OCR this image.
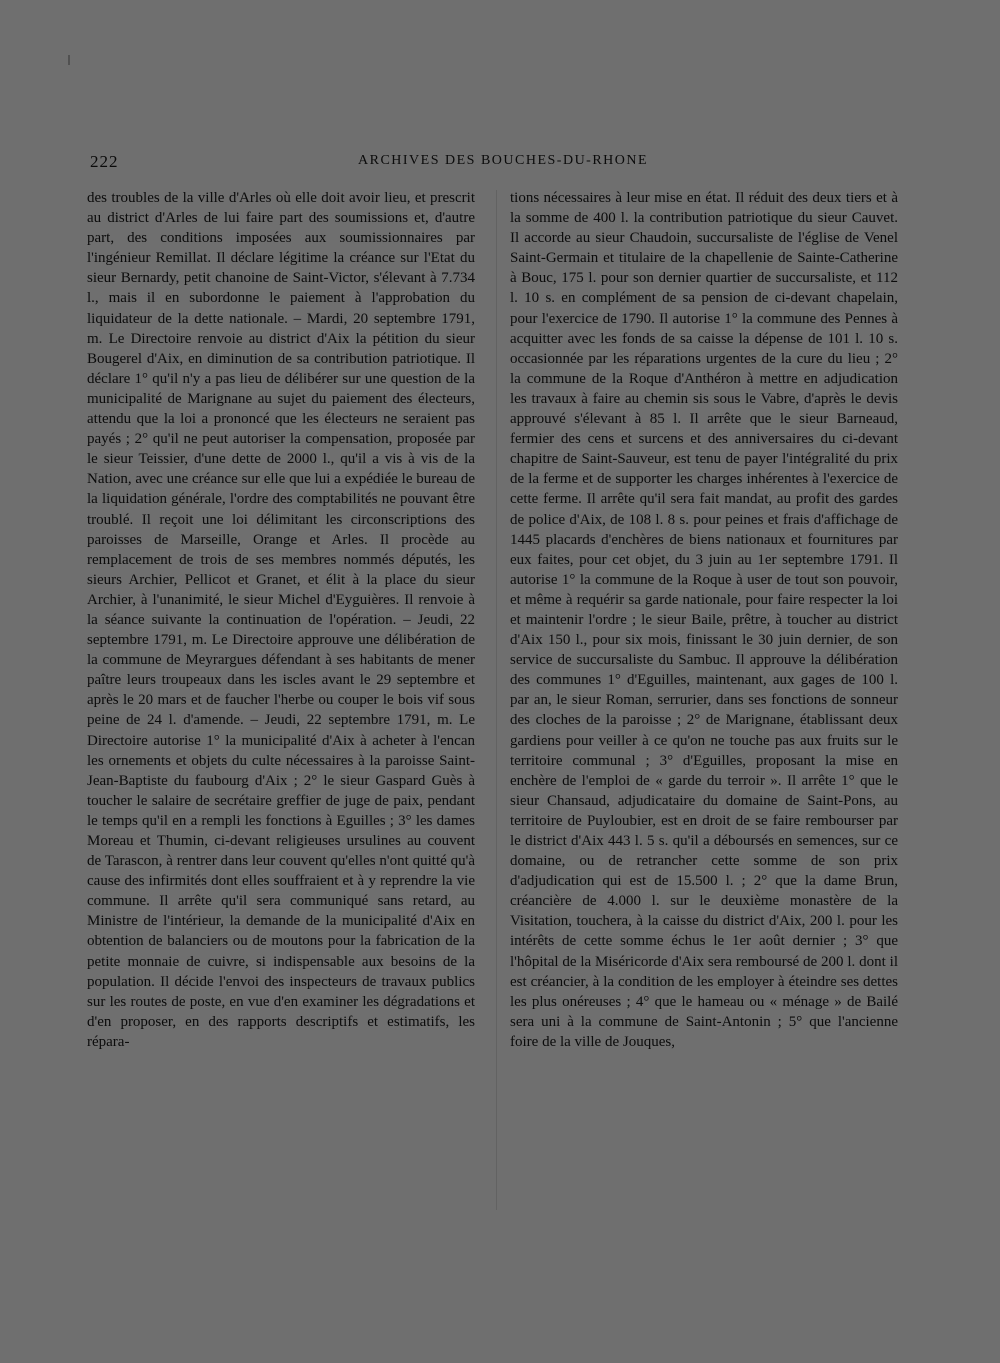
222	ARCHIVES DES BOUCHES-DU-RHONE

des troubles de la ville d'Arles où elle doit avoir lieu, et prescrit au district d'Arles de lui faire part des soumissions et, d'autre part, des conditions imposées aux soumissionnaires par l'ingénieur Remillat. Il déclare légitime la créance sur l'Etat du sieur Bernardy, petit chanoine de Saint-Victor, s'élevant à 7.734 l., mais il en subordonne le paiement à l'approbation du liquidateur de la dette nationale. – Mardi, 20 septembre 1791, m. Le Directoire renvoie au district d'Aix la pétition du sieur Bougerel d'Aix, en diminution de sa contribution patriotique. Il déclare 1° qu'il n'y a pas lieu de délibérer sur une question de la municipalité de Marignane au sujet du paiement des électeurs, attendu que la loi a prononcé que les électeurs ne seraient pas payés ; 2° qu'il ne peut autoriser la compensation, proposée par le sieur Teissier, d'une dette de 2000 l., qu'il a vis à vis de la Nation, avec une créance sur elle que lui a expédiée le bureau de la liquidation générale, l'ordre des comptabilités ne pouvant être troublé. Il reçoit une loi délimitant les circonscriptions des paroisses de Marseille, Orange et Arles. Il procède au remplacement de trois de ses membres nommés députés, les sieurs Archier, Pellicot et Granet, et élit à la place du sieur Archier, à l'unanimité, le sieur Michel d'Eyguières. Il renvoie à la séance suivante la continuation de l'opération. – Jeudi, 22 septembre 1791, m. Le Directoire approuve une délibération de la commune de Meyrargues défendant à ses habitants de mener paître leurs troupeaux dans les iscles avant le 29 septembre et après le 20 mars et de faucher l'herbe ou couper le bois vif sous peine de 24 l. d'amende. – Jeudi, 22 septembre 1791, m. Le Directoire autorise 1° la municipalité d'Aix à acheter à l'encan les ornements et objets du culte nécessaires à la paroisse Saint-Jean-Baptiste du faubourg d'Aix ; 2° le sieur Gaspard Guès à toucher le salaire de secrétaire greffier de juge de paix, pendant le temps qu'il en a rempli les fonctions à Eguilles ; 3° les dames Moreau et Thumin, ci-devant religieuses ursulines au couvent de Tarascon, à rentrer dans leur couvent qu'elles n'ont quitté qu'à cause des infirmités dont elles souffraient et à y reprendre la vie commune. Il arrête qu'il sera communiqué sans retard, au Ministre de l'intérieur, la demande de la municipalité d'Aix en obtention de balanciers ou de moutons pour la fabrication de la petite monnaie de cuivre, si indispensable aux besoins de la population. Il décide l'envoi des inspecteurs de travaux publics sur les routes de poste, en vue d'en examiner les dégradations et d'en proposer, en des rapports descriptifs et estimatifs, les répara-

tions nécessaires à leur mise en état. Il réduit des deux tiers et à la somme de 400 l. la contribution patriotique du sieur Cauvet. Il accorde au sieur Chaudoin, succursaliste de l'église de Venel Saint-Germain et titulaire de la chapellenie de Sainte-Catherine à Bouc, 175 l. pour son dernier quartier de succursaliste, et 112 l. 10 s. en complément de sa pension de ci-devant chapelain, pour l'exercice de 1790. Il autorise 1° la commune des Pennes à acquitter avec les fonds de sa caisse la dépense de 101 l. 10 s. occasionnée par les réparations urgentes de la cure du lieu ; 2° la commune de la Roque d'Anthéron à mettre en adjudication les travaux à faire au chemin sis sous le Vabre, d'après le devis approuvé s'élevant à 85 l. Il arrête que le sieur Barneaud, fermier des cens et surcens et des anniversaires du ci-devant chapitre de Saint-Sauveur, est tenu de payer l'intégralité du prix de la ferme et de supporter les charges inhérentes à l'exercice de cette ferme. Il arrête qu'il sera fait mandat, au profit des gardes de police d'Aix, de 108 l. 8 s. pour peines et frais d'affichage de 1445 placards d'enchères de biens nationaux et fournitures par eux faites, pour cet objet, du 3 juin au 1er septembre 1791. Il autorise 1° la commune de la Roque à user de tout son pouvoir, et même à requérir sa garde nationale, pour faire respecter la loi et maintenir l'ordre ; le sieur Baile, prêtre, à toucher au district d'Aix 150 l., pour six mois, finissant le 30 juin dernier, de son service de succursaliste du Sambuc. Il approuve la délibération des communes 1° d'Eguilles, maintenant, aux gages de 100 l. par an, le sieur Roman, serrurier, dans ses fonctions de sonneur des cloches de la paroisse ; 2° de Marignane, établissant deux gardiens pour veiller à ce qu'on ne touche pas aux fruits sur le territoire communal ; 3° d'Eguilles, proposant la mise en enchère de l'emploi de « garde du terroir ». Il arrête 1° que le sieur Chansaud, adjudicataire du domaine de Saint-Pons, au territoire de Puyloubier, est en droit de se faire rembourser par le district d'Aix 443 l. 5 s. qu'il a déboursés en semences, sur ce domaine, ou de retrancher cette somme de son prix d'adjudication qui est de 15.500 l. ; 2° que la dame Brun, créancière de 4.000 l. sur le deuxième monastère de la Visitation, touchera, à la caisse du district d'Aix, 200 l. pour les intérêts de cette somme échus le 1er août dernier ; 3° que l'hôpital de la Miséricorde d'Aix sera remboursé de 200 l. dont il est créancier, à la condition de les employer à éteindre ses dettes les plus onéreuses ; 4° que le hameau ou « ménage » de Bailé sera uni à la commune de Saint-Antonin ; 5° que l'ancienne foire de la ville de Jouques,
